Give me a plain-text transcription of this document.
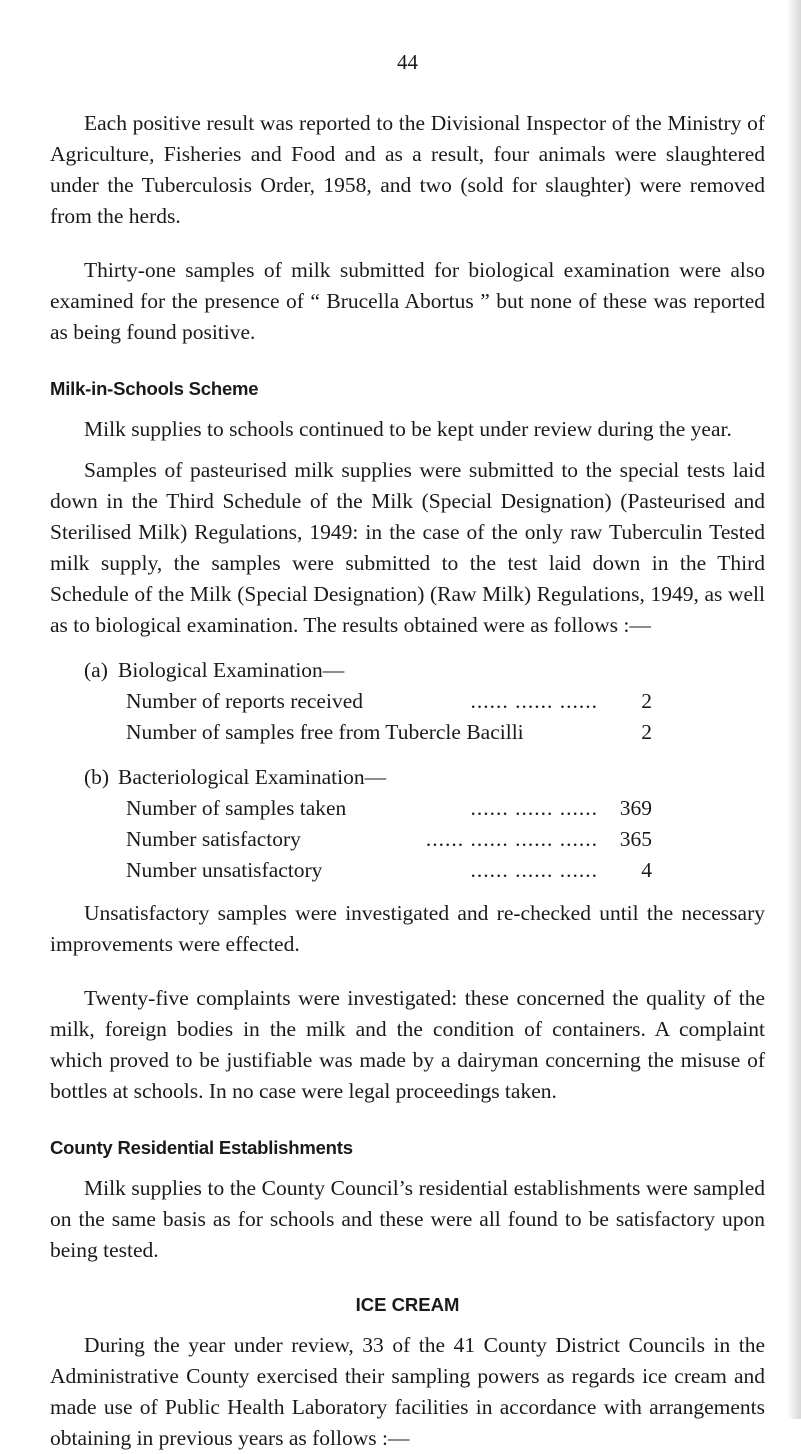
44

Each positive result was reported to the Divisional Inspector of the Ministry of Agriculture, Fisheries and Food and as a result, four animals were slaughtered under the Tuberculosis Order, 1958, and two (sold for slaughter) were removed from the herds.

Thirty-one samples of milk submitted for biological examination were also examined for the presence of “ Brucella Abortus ” but none of these was reported as being found positive.

Milk-in-Schools Scheme

Milk supplies to schools continued to be kept under review during the year.

Samples of pasteurised milk supplies were submitted to the special tests laid down in the Third Schedule of the Milk (Special Designation) (Pasteurised and Sterilised Milk) Regulations, 1949: in the case of the only raw Tuberculin Tested milk supply, the samples were submitted to the test laid down in the Third Schedule of the Milk (Special Designation) (Raw Milk) Regulations, 1949, as well as to biological examination. The results obtained were as follows :—

(a) Biological Examination—
Number of reports received	...... ...... ......	2
Number of samples free from Tubercle Bacilli	2
(b) Bacteriological Examination—
Number of samples taken	...... ...... ......	369
Number satisfactory	...... ...... ...... ......	365
Number unsatisfactory	...... ...... ......	4

Unsatisfactory samples were investigated and re-checked until the necessary improvements were effected.

Twenty-five complaints were investigated: these concerned the quality of the milk, foreign bodies in the milk and the condition of containers. A complaint which proved to be justifiable was made by a dairyman concerning the misuse of bottles at schools. In no case were legal proceedings taken.

County Residential Establishments

Milk supplies to the County Council’s residential establishments were sampled on the same basis as for schools and these were all found to be satisfactory upon being tested.

ICE CREAM

During the year under review, 33 of the 41 County District Councils in the Administrative County exercised their sampling powers as regards ice cream and made use of Public Health Laboratory facilities in accordance with arrangements obtaining in previous years as follows :—
